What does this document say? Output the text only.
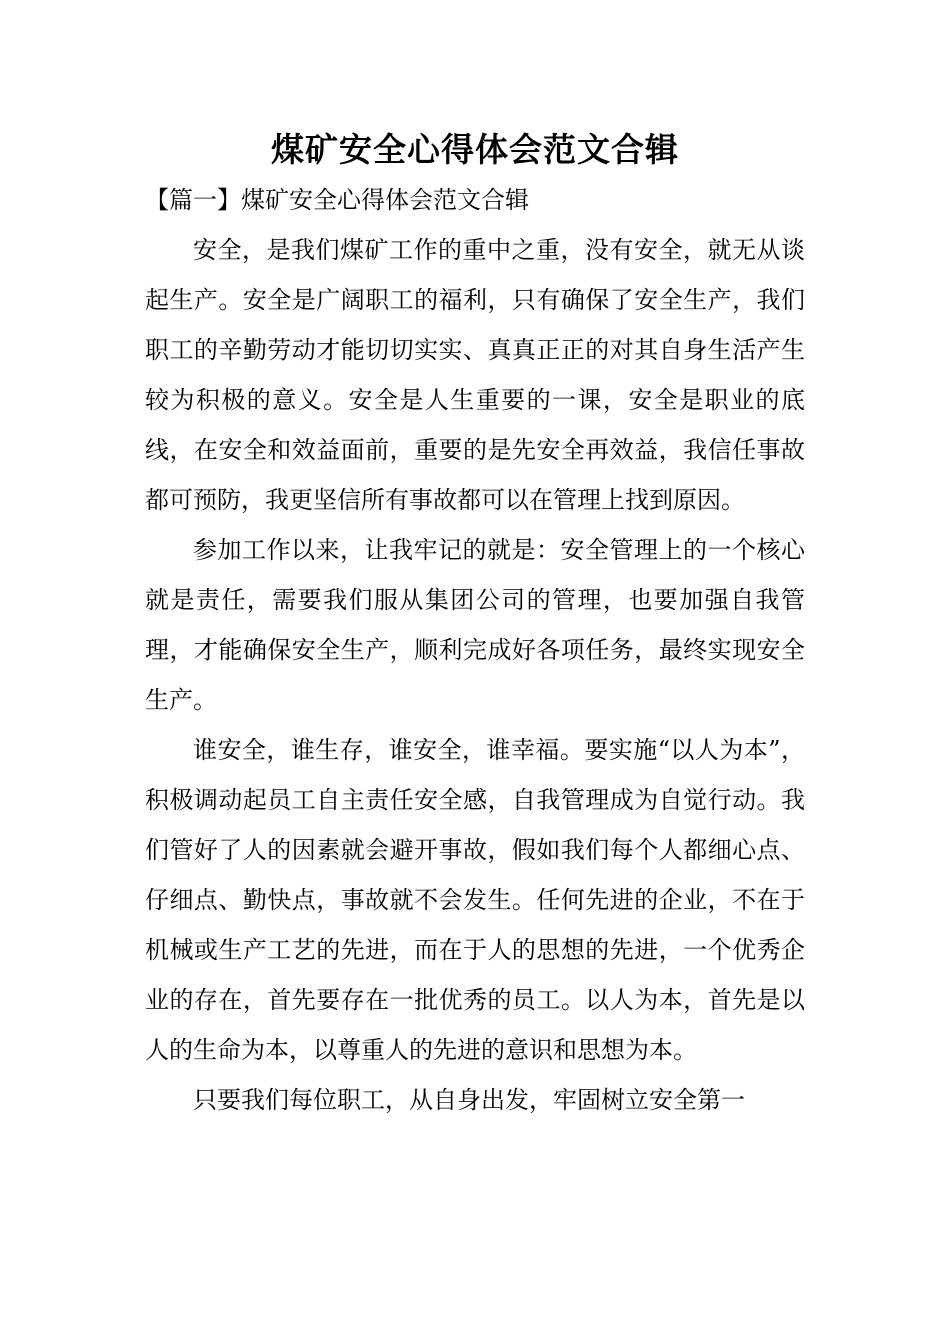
煤矿安全心得体会范文合辑

【篇一】煤矿安全心得体会范文合辑

安全，是我们煤矿工作的重中之重，没有安全，就无从谈起生产。安全是广阔职工的福利，只有确保了安全生产，我们职工的辛勤劳动才能切切实实、真真正正的对其自身生活产生较为积极的意义。安全是人生重要的一课，安全是职业的底线，在安全和效益面前，重要的是先安全再效益，我信任事故都可预防，我更坚信所有事故都可以在管理上找到原因。

参加工作以来，让我牢记的就是：安全管理上的一个核心就是责任，需要我们服从集团公司的管理，也要加强自我管理，才能确保安全生产，顺利完成好各项任务，最终实现安全生产。

谁安全，谁生存，谁安全，谁幸福。要实施“以人为本”，积极调动起员工自主责任安全感，自我管理成为自觉行动。我们管好了人的因素就会避开事故，假如我们每个人都细心点、仔细点、勤快点，事故就不会发生。任何先进的企业，不在于机械或生产工艺的先进，而在于人的思想的先进，一个优秀企业的存在，首先要存在一批优秀的员工。以人为本，首先是以人的生命为本，以尊重人的先进的意识和思想为本。

只要我们每位职工，从自身出发，牢固树立安全第一
